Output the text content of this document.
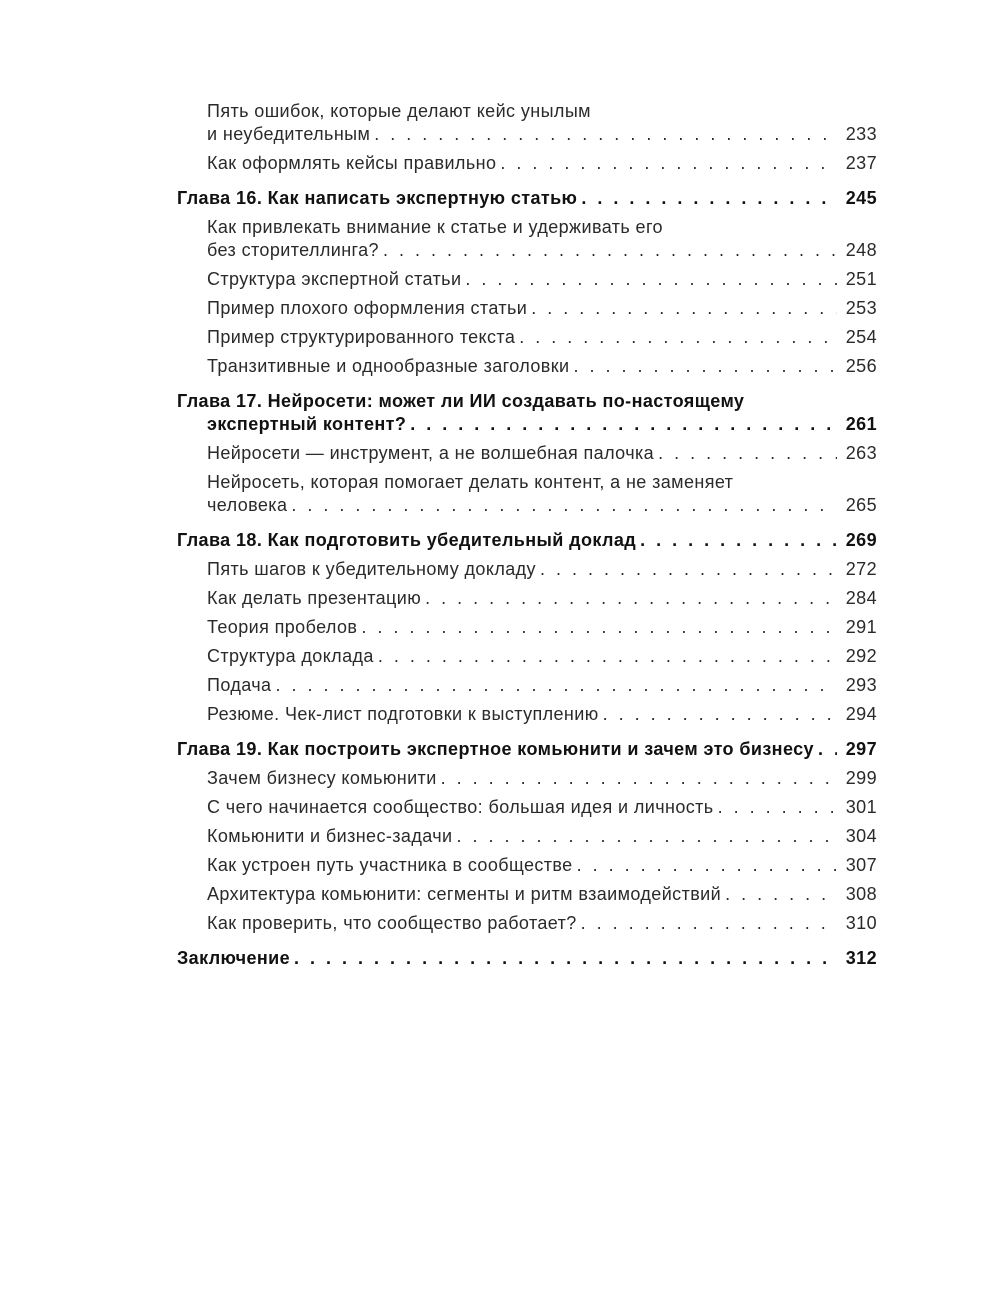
Пять ошибок, которые делают кейс унылым
и неубедительным . . .	233
Как оформлять кейсы правильно . . .	237
Глава 16. Как написать экспертную статью . . .	245
Как привлекать внимание к статье и удерживать его
без сторителлинга? . . .	248
Структура экспертной статьи . . .	251
Пример плохого оформления статьи . . .	253
Пример структурированного текста . . .	254
Транзитивные и однообразные заголовки . . .	256
Глава 17. Нейросети: может ли ИИ создавать по-настоящему
экспертный контент? . . .	261
Нейросети — инструмент, а не волшебная палочка . . .	263
Нейросеть, которая помогает делать контент, а не заменяет
человека . . .	265
Глава 18. Как подготовить убедительный доклад . . .	269
Пять шагов к убедительному докладу . . .	272
Как делать презентацию . . .	284
Теория пробелов . . .	291
Структура доклада . . .	292
Подача . . .	293
Резюме. Чек-лист подготовки к выступлению . . .	294
Глава 19. Как построить экспертное комьюнити и зачем это бизнесу . . . 297
Зачем бизнесу комьюнити . . .	299
С чего начинается сообщество: большая идея и личность . . .	301
Комьюнити и бизнес-задачи . . .	304
Как устроен путь участника в сообществе . . .	307
Архитектура комьюнити: сегменты и ритм взаимодействий . . .	308
Как проверить, что сообщество работает? . . .	310
Заключение . . .	312
